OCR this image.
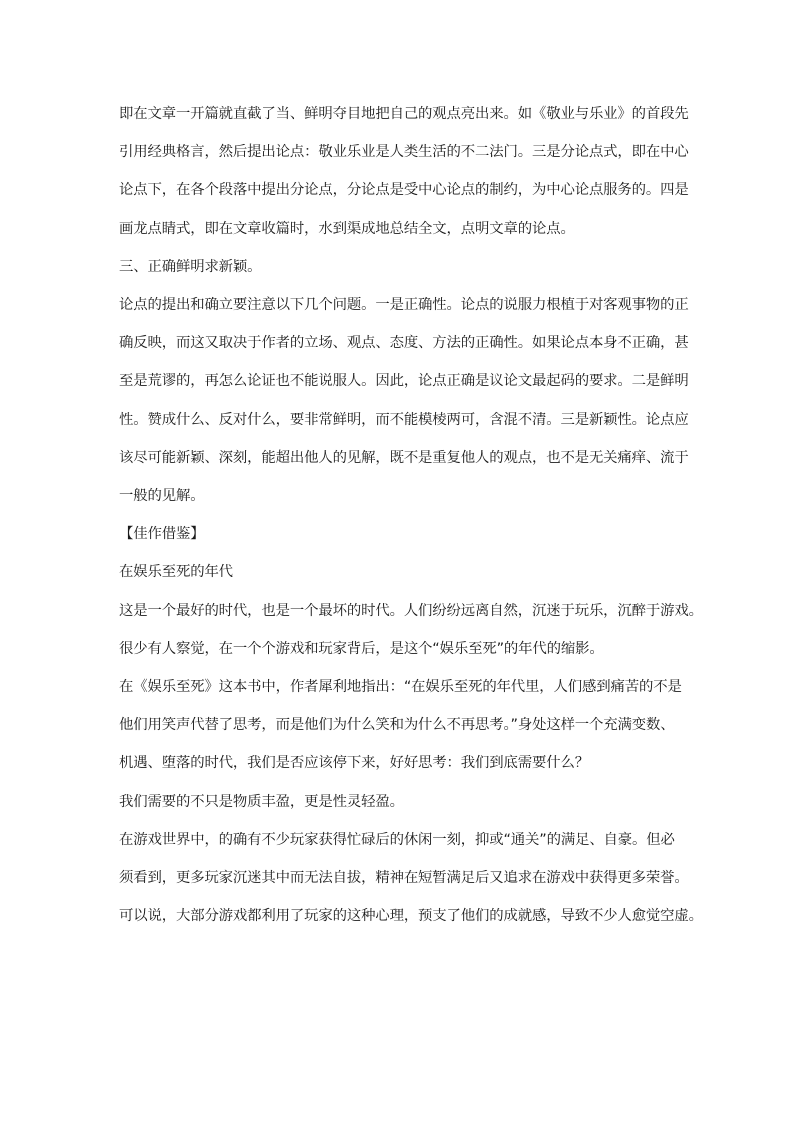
即在文章一开篇就直截了当、鲜明夺目地把自己的观点亮出来。如《敬业与乐业》的首段先
引用经典格言，然后提出论点：敬业乐业是人类生活的不二法门。三是分论点式，即在中心
论点下，在各个段落中提出分论点，分论点是受中心论点的制约，为中心论点服务的。四是
画龙点睛式，即在文章收篇时，水到渠成地总结全文，点明文章的论点。
三、正确鲜明求新颖。
论点的提出和确立要注意以下几个问题。一是正确性。论点的说服力根植于对客观事物的正
确反映，而这又取决于作者的立场、观点、态度、方法的正确性。如果论点本身不正确，甚
至是荒谬的，再怎么论证也不能说服人。因此，论点正确是议论文最起码的要求。二是鲜明
性。赞成什么、反对什么，要非常鲜明，而不能模棱两可，含混不清。三是新颖性。论点应
该尽可能新颖、深刻，能超出他人的见解，既不是重复他人的观点，也不是无关痛痒、流于
一般的见解。
【佳作借鉴】
在娱乐至死的年代
这是一个最好的时代，也是一个最坏的时代。人们纷纷远离自然，沉迷于玩乐，沉醉于游戏。
很少有人察觉，在一个个游戏和玩家背后，是这个“娱乐至死”的年代的缩影。
在《娱乐至死》这本书中，作者犀利地指出：“在娱乐至死的年代里，人们感到痛苦的不是
他们用笑声代替了思考，而是他们为什么笑和为什么不再思考。”身处这样一个充满变数、
机遇、堕落的时代，我们是否应该停下来，好好思考：我们到底需要什么？
我们需要的不只是物质丰盈，更是性灵轻盈。
在游戏世界中，的确有不少玩家获得忙碌后的休闲一刻，抑或“通关”的满足、自豪。但必
须看到，更多玩家沉迷其中而无法自拔，精神在短暂满足后又追求在游戏中获得更多荣誉。
可以说，大部分游戏都利用了玩家的这种心理，预支了他们的成就感，导致不少人愈觉空虚。
